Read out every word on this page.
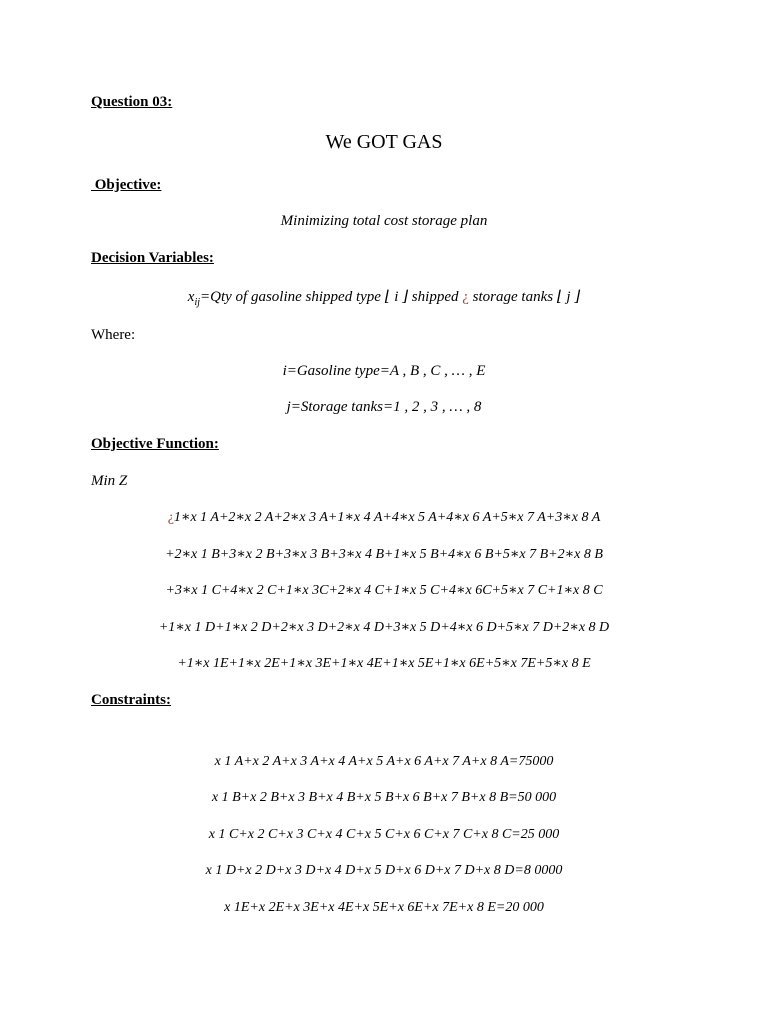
Question 03:
We GOT GAS
Objective:
Minimizing total cost storage plan
Decision Variables:
$x_{ij}=Qty$ of gasoline shipped type ⌊ i ⌋ shipped ¿ storage tanks ⌊ j ⌋
Where:
i=Gasoline type=A , B , C , … , E
j=Storage tanks=1 , 2 , 3 , … , 8
Objective Function:
Min Z
¿1∗x 1 A+2∗x 2 A+2∗x 3 A+1∗x 4 A+4∗x 5 A+4∗x 6 A+5∗x 7 A+3∗x 8 A
+2∗x 1 B+3∗x 2 B+3∗x 3 B+3∗x 4 B+1∗x 5 B+4∗x 6 B+5∗x 7 B+2∗x 8 B
+3∗x 1 C+4∗x 2 C+1∗x 3C+2∗x 4 C+1∗x 5 C+4∗x 6C+5∗x 7 C+1∗x 8 C
+1∗x 1 D+1∗x 2 D+2∗x 3 D+2∗x 4 D+3∗x 5 D+4∗x 6 D+5∗x 7 D+2∗x 8 D
+1∗x 1E+1∗x 2E+1∗x 3E+1∗x 4E+1∗x 5E+1∗x 6E+5∗x 7E+5∗x 8 E
Constraints:
x 1 A+x 2 A+x 3 A+x 4 A+x 5 A+x 6 A+x 7 A+x 8 A=75000
x 1 B+x 2 B+x 3 B+x 4 B+x 5 B+x 6 B+x 7 B+x 8 B=50 000
x 1 C+x 2 C+x 3 C+x 4 C+x 5 C+x 6 C+x 7 C+x 8 C=25 000
x 1 D+x 2 D+x 3 D+x 4 D+x 5 D+x 6 D+x 7 D+x 8 D=8 0000
x 1E+x 2E+x 3E+x 4E+x 5E+x 6E+x 7E+x 8 E=20 000
